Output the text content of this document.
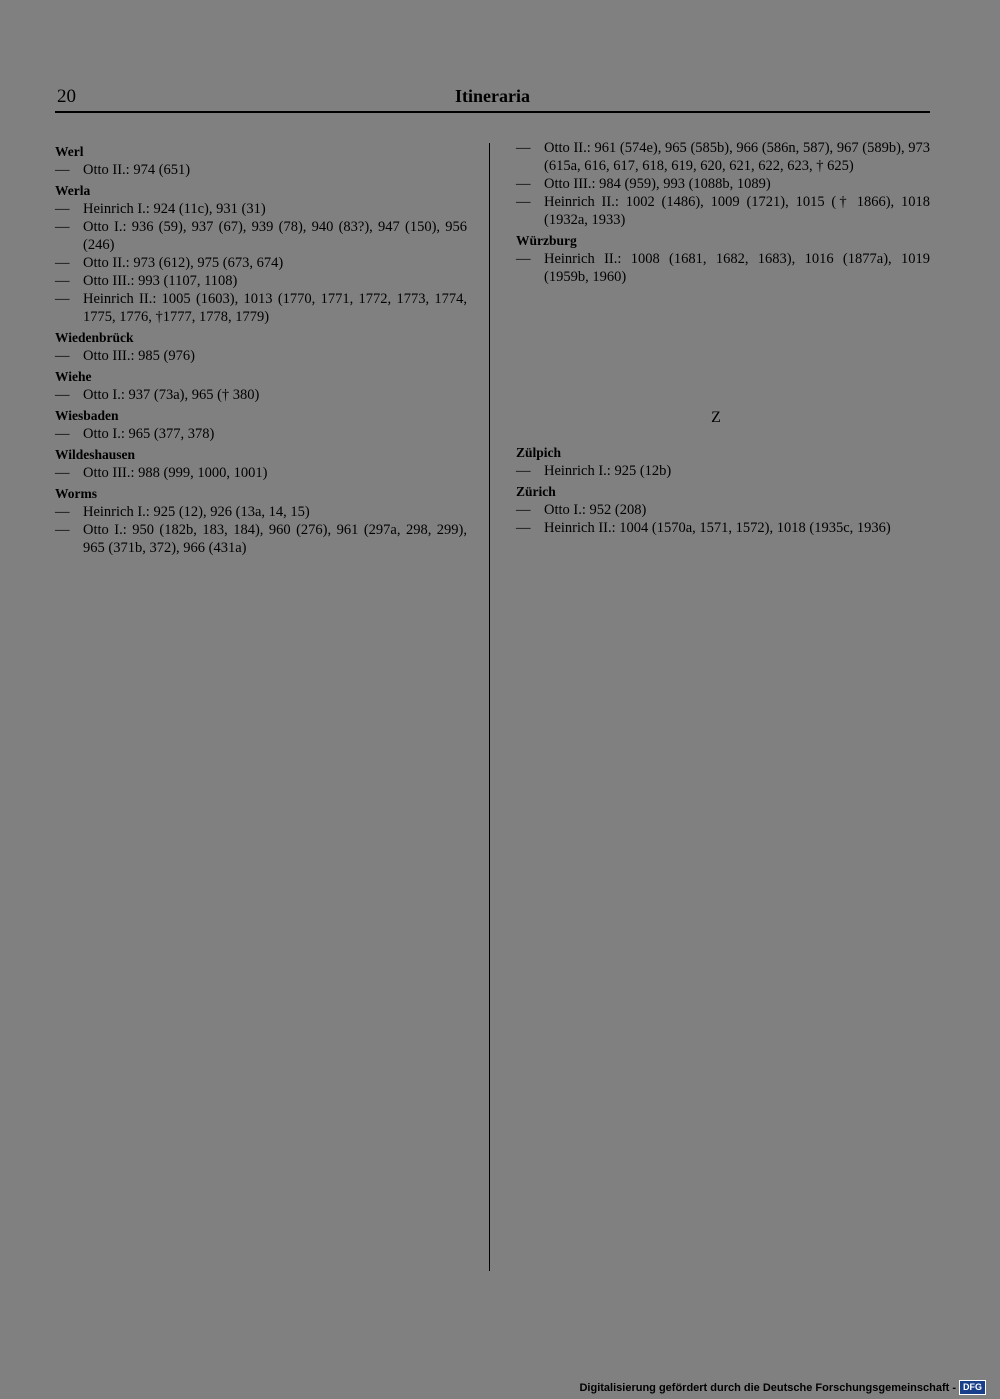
20	Itineraria
Werl
— Otto II.: 974 (651)
Werla
— Heinrich I.: 924 (11c), 931 (31)
— Otto I.: 936 (59), 937 (67), 939 (78), 940 (83?), 947 (150), 956 (246)
— Otto II.: 973 (612), 975 (673, 674)
— Otto III.: 993 (1107, 1108)
— Heinrich II.: 1005 (1603), 1013 (1770, 1771, 1772, 1773, 1774, 1775, 1776, †1777, 1778, 1779)
Wiedenbrück
— Otto III.: 985 (976)
Wiehe
— Otto I.: 937 (73a), 965 († 380)
Wiesbaden
— Otto I.: 965 (377, 378)
Wildeshausen
— Otto III.: 988 (999, 1000, 1001)
Worms
— Heinrich I.: 925 (12), 926 (13a, 14, 15)
— Otto I.: 950 (182b, 183, 184), 960 (276), 961 (297a, 298, 299), 965 (371b, 372), 966 (431a)
— Otto II.: 961 (574e), 965 (585b), 966 (586n, 587), 967 (589b), 973 (615a, 616, 617, 618, 619, 620, 621, 622, 623, † 625)
— Otto III.: 984 (959), 993 (1088b, 1089)
— Heinrich II.: 1002 (1486), 1009 (1721), 1015 († 1866), 1018 (1932a, 1933)
Würzburg
— Heinrich II.: 1008 (1681, 1682, 1683), 1016 (1877a), 1019 (1959b, 1960)
Z
Zülpich
— Heinrich I.: 925 (12b)
Zürich
— Otto I.: 952 (208)
— Heinrich II.: 1004 (1570a, 1571, 1572), 1018 (1935c, 1936)
Digitalisierung gefördert durch die Deutsche Forschungsgemeinschaft - DFG
